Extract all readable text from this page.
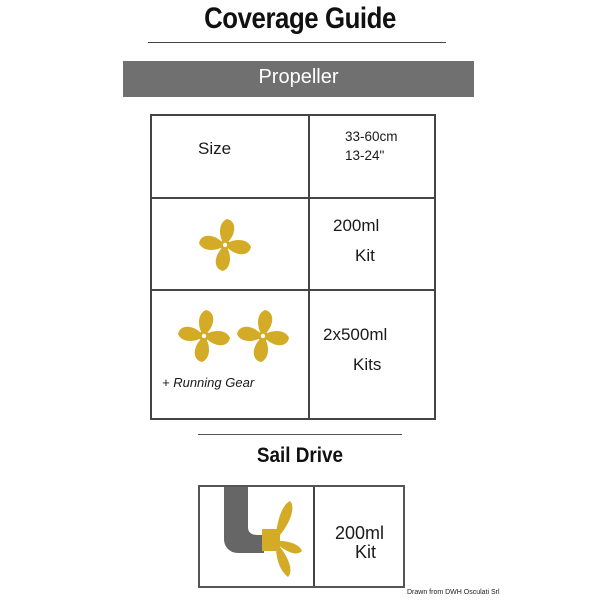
Coverage Guide
Propeller
Size
33-60cm
13-24"
200ml
Kit
+ Running Gear
2x500ml
Kits
Sail Drive
200ml
Kit
Drawn from DWH Osculati Srl
